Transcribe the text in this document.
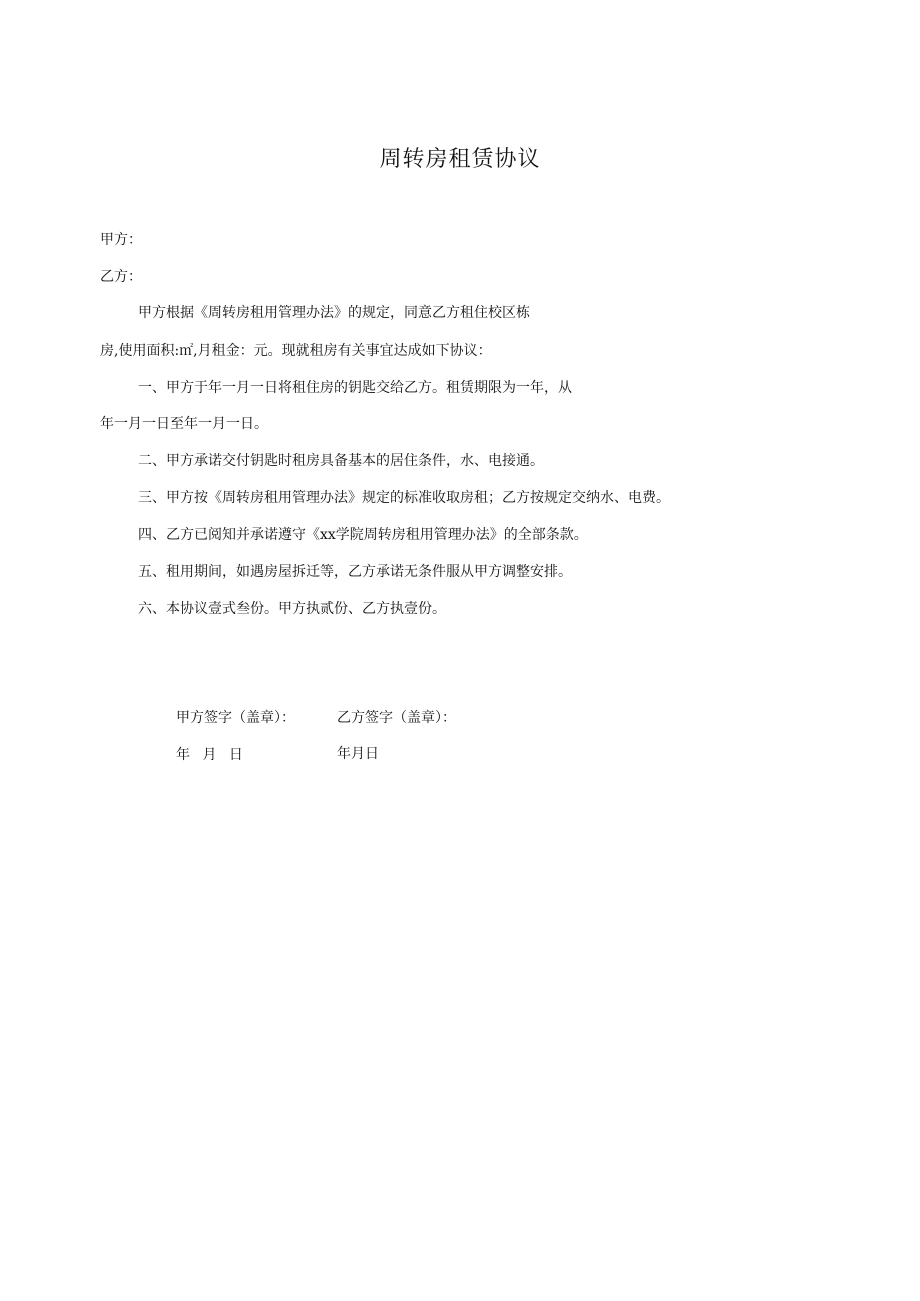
周转房租赁协议
甲方：
乙方：
甲方根据《周转房租用管理办法》的规定，同意乙方租住校区栋
房,使用面积:㎡,月租金：元。现就租房有关事宜达成如下协议：
一、甲方于年一月一日将租住房的钥匙交给乙方。租赁期限为一年，从
年一月一日至年一月一日。
二、甲方承诺交付钥匙时租房具备基本的居住条件，水、电接通。
三、甲方按《周转房租用管理办法》规定的标准收取房租；乙方按规定交纳水、电费。
四、乙方已阅知并承诺遵守《xx学院周转房租用管理办法》的全部条款。
五、租用期间，如遇房屋拆迁等，乙方承诺无条件服从甲方调整安排。
六、本协议壹式叁份。甲方执贰份、乙方执壹份。
甲方签字（盖章）：	乙方签字（盖章）：
年 月 日	年月日
